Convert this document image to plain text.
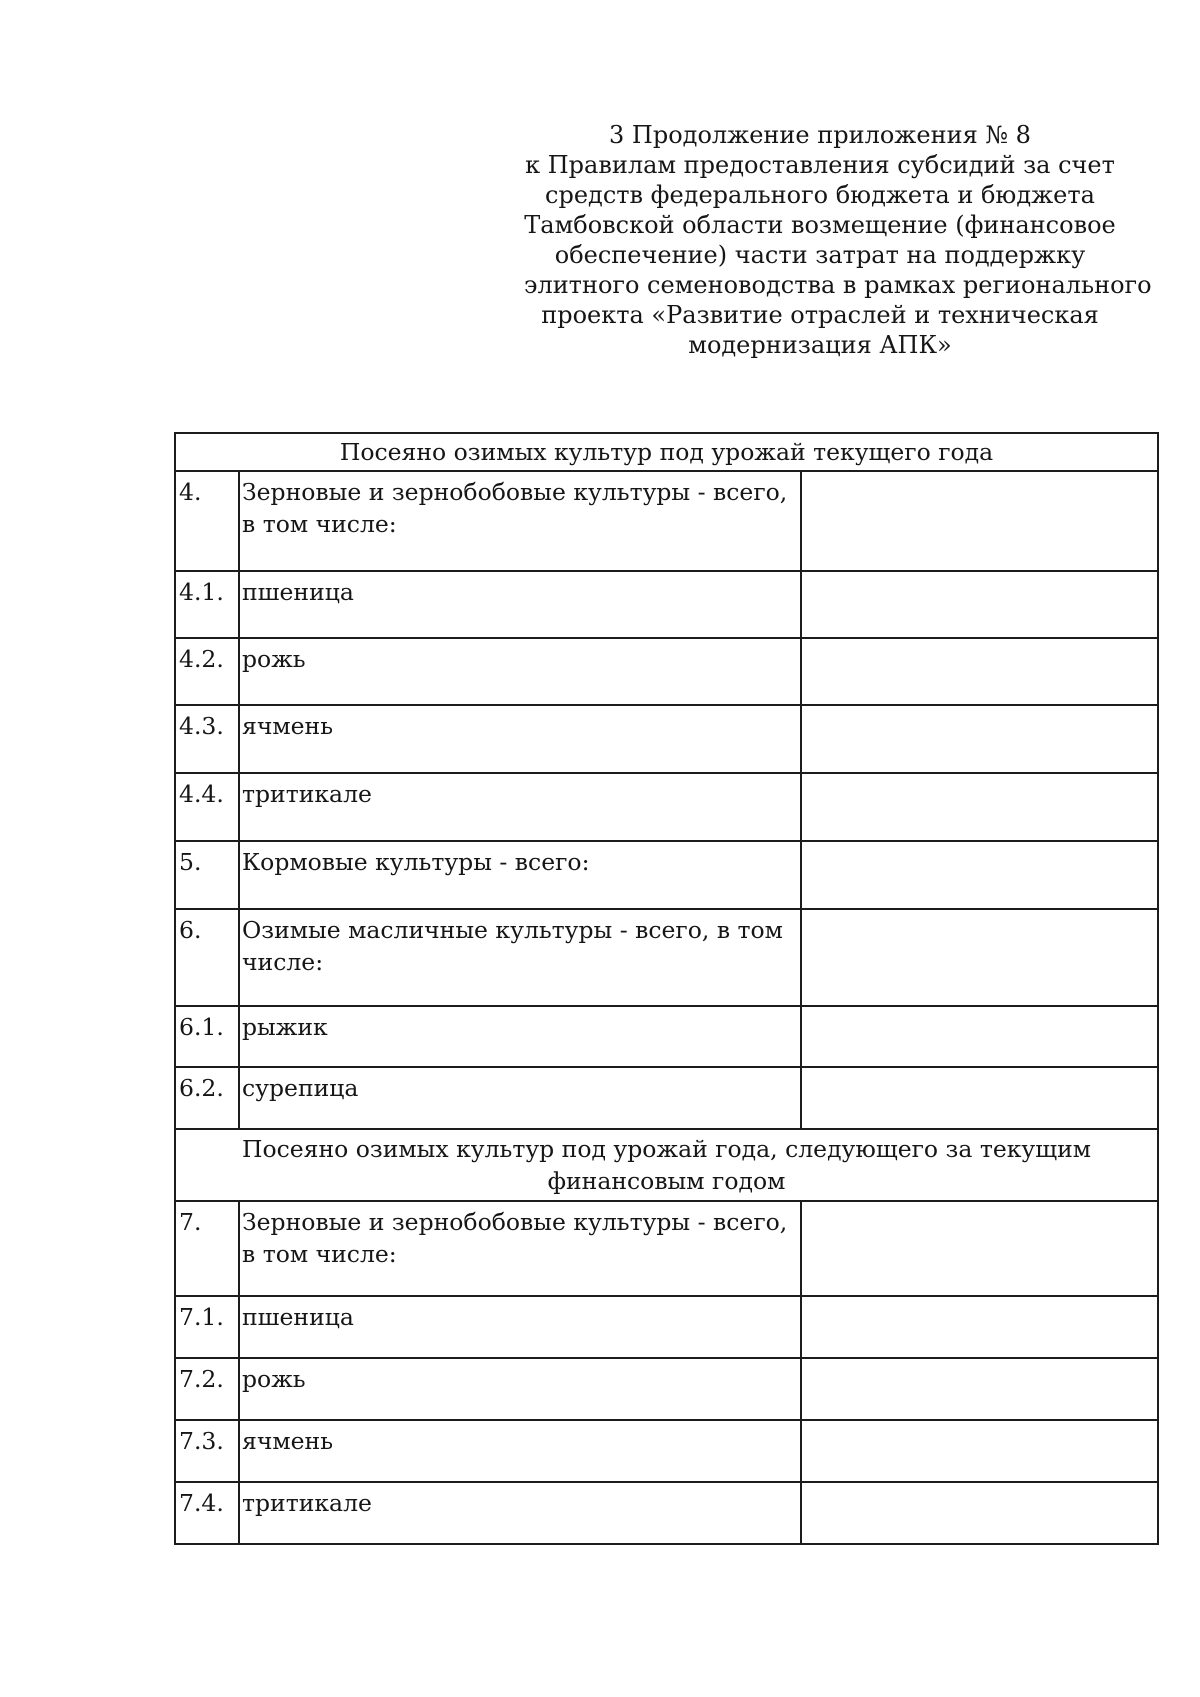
3 Продолжение приложения № 8
к Правилам предоставления субсидий за счет
средств федерального бюджета и бюджета
Тамбовской области возмещение (финансовое
обеспечение) части затрат на поддержку
элитного семеноводства в рамках регионального
проекта «Развитие отраслей и техническая
модернизация АПК»
Посеяно озимых культур под урожай текущего года		
4.	Зерновые и зернобобовые культуры - всего, в том числе:	
4.1.	пшеница	
4.2.	рожь	
4.3.	ячмень	
4.4.	тритикале	
5.	Кормовые культуры - всего:	
6.	Озимые масличные культуры - всего, в том числе:	
6.1.	рыжик	
6.2.	сурепица	
Посеяно озимых культур под урожай года, следующего за текущим финансовым годом		
7.	Зерновые и зернобобовые культуры - всего, в том числе:	
7.1.	пшеница	
7.2.	рожь	
7.3.	ячмень	
7.4.	тритикале	
